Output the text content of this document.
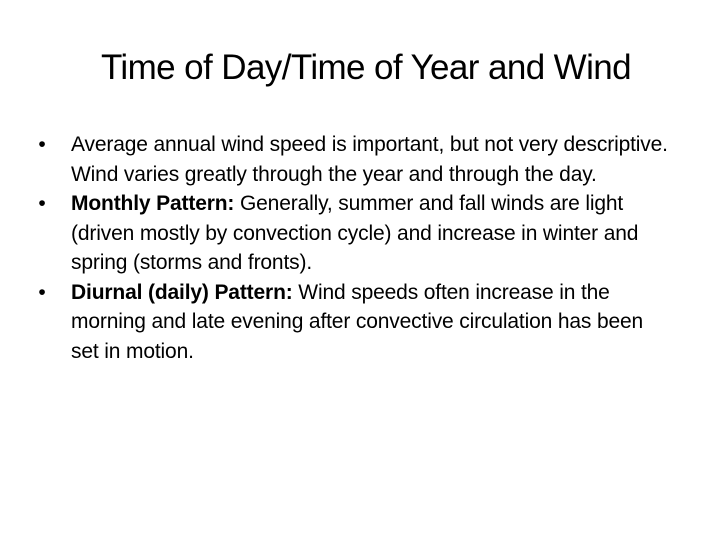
Time of Day/Time of Year and Wind
• Average annual wind speed is important, but not very descriptive. Wind varies greatly through the year and through the day.
• Monthly Pattern: Generally, summer and fall winds are light (driven mostly by convection cycle) and increase in winter and spring (storms and fronts).
• Diurnal (daily) Pattern: Wind speeds often increase in the morning and late evening after convective circulation has been set in motion.
